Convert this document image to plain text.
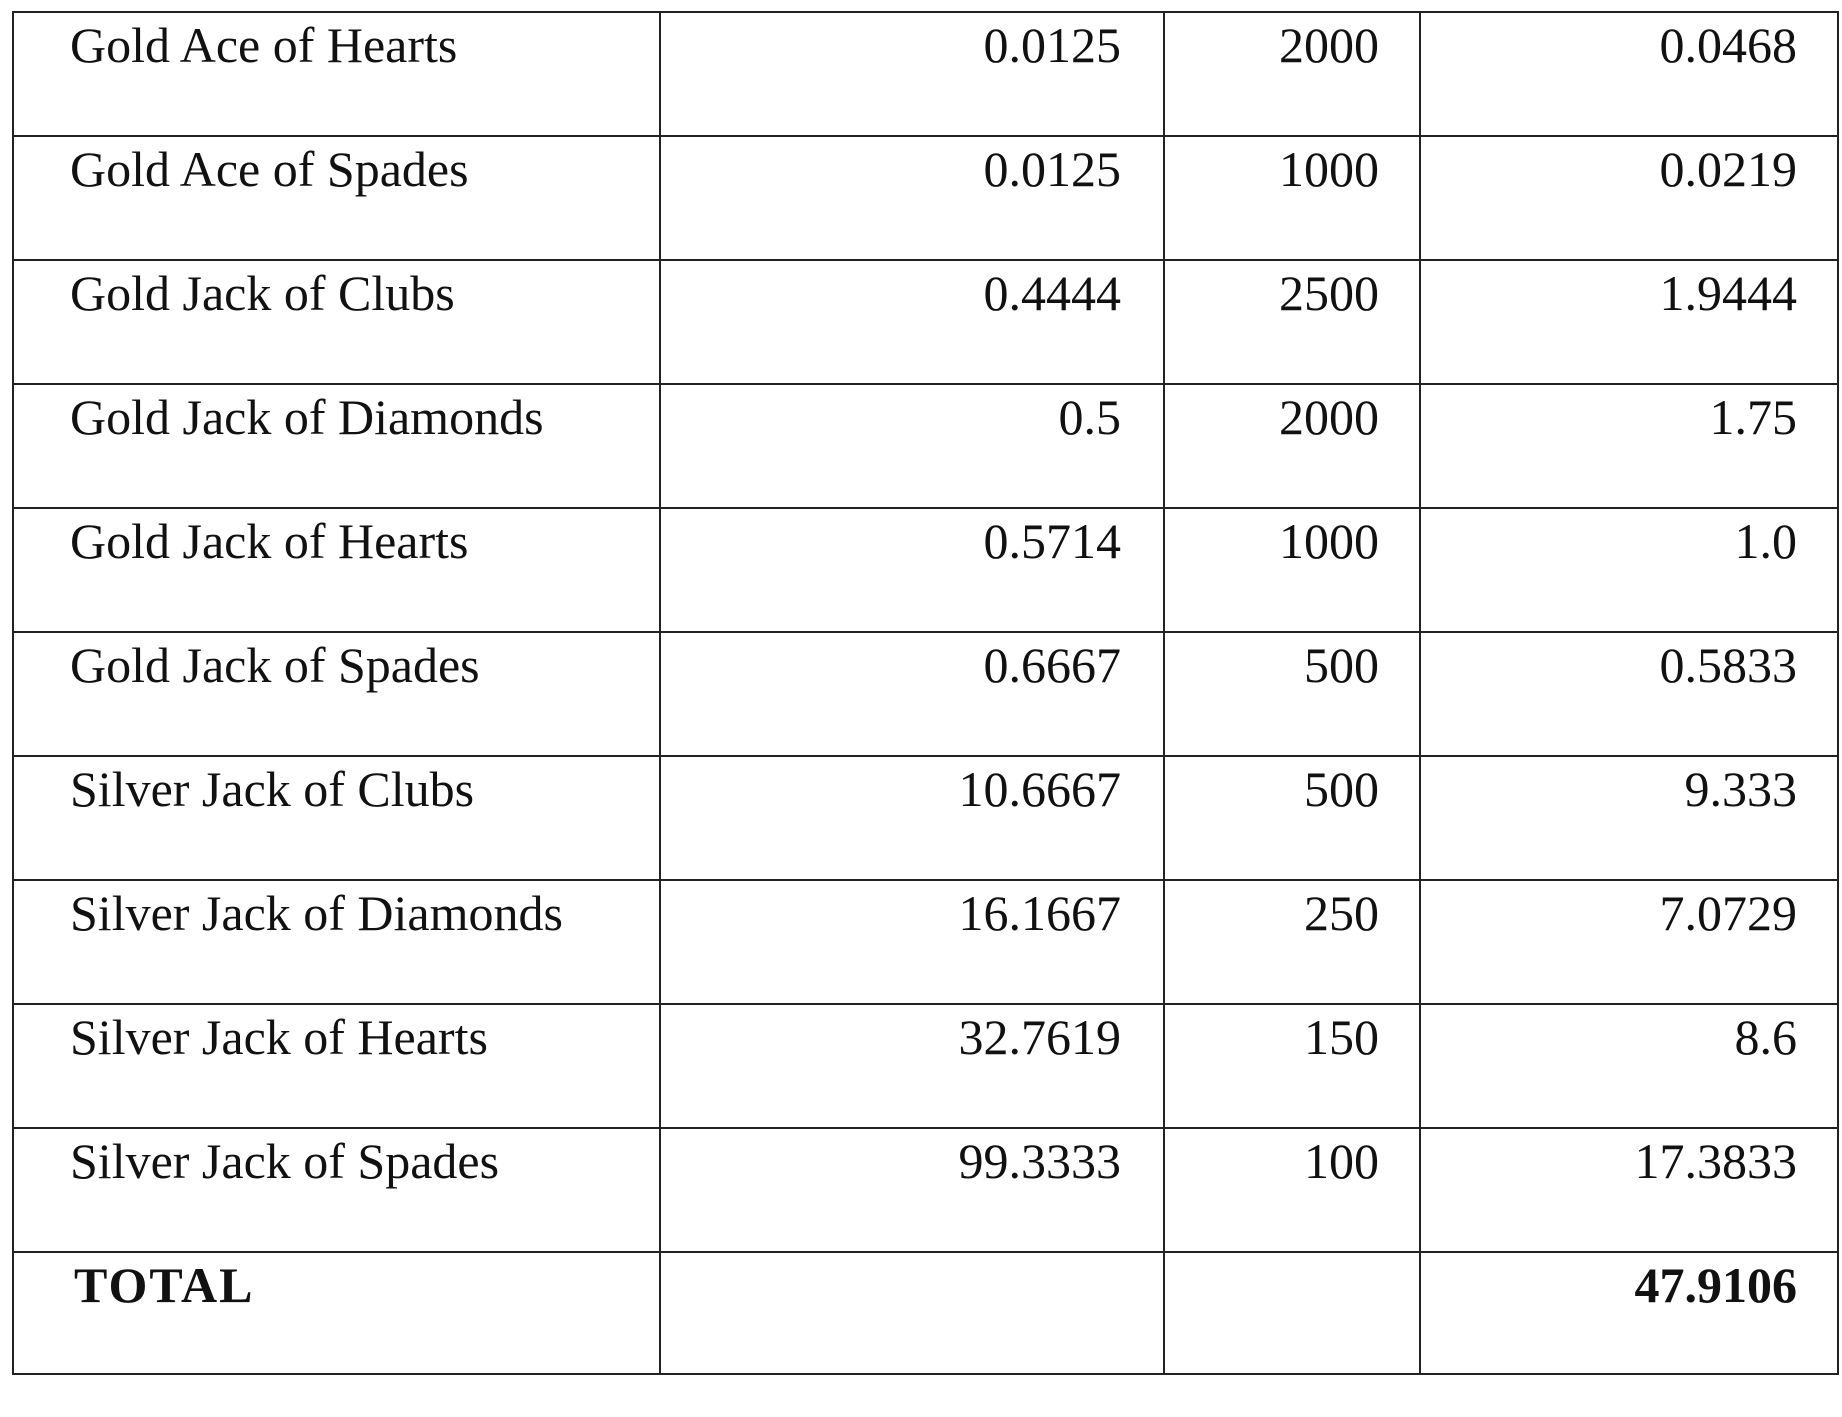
Gold Ace of Hearts	0.0125	2000	0.0468
Gold Ace of Spades	0.0125	1000	0.0219
Gold Jack of Clubs	0.4444	2500	1.9444
Gold Jack of Diamonds	0.5	2000	1.75
Gold Jack of Hearts	0.5714	1000	1.0
Gold Jack of Spades	0.6667	500	0.5833
Silver Jack of Clubs	10.6667	500	9.333
Silver Jack of Diamonds	16.1667	250	7.0729
Silver Jack of Hearts	32.7619	150	8.6
Silver Jack of Spades	99.3333	100	17.3833
TOTAL			47.9106
